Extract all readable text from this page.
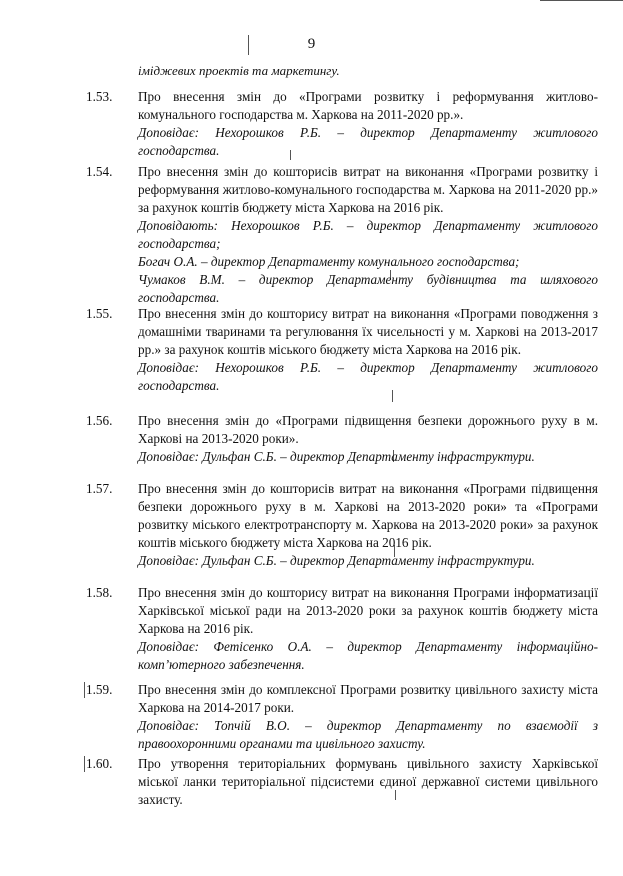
9
іміджевих проектів та маркетингу.
1.53.	Про внесення змін до «Програми розвитку і реформування житлово-комунального господарства м. Харкова на 2011-2020 рр.».
Доповідає: Нехорошков Р.Б. – директор Департаменту житлового господарства.
1.54.	Про внесення змін до кошторисів витрат на виконання «Програми розвитку і реформування житлово-комунального господарства м. Харкова на 2011-2020 рр.» за рахунок коштів бюджету міста Харкова на 2016 рік.
Доповідають: Нехорошков Р.Б. – директор Департаменту житлового господарства;
Богач О.А. – директор Департаменту комунального господарства;
Чумаков В.М. – директор Департаменту будівництва та шляхового господарства.
1.55.	Про внесення змін до кошторису витрат на виконання «Програми поводження з домашніми тваринами та регулювання їх чисельності у м. Харкові на 2013-2017 рр.» за рахунок коштів міського бюджету міста Харкова на 2016 рік.
Доповідає: Нехорошков Р.Б. – директор Департаменту житлового господарства.
1.56.	Про внесення змін до «Програми підвищення безпеки дорожнього руху в м. Харкові на 2013-2020 роки».
Доповідає: Дульфан С.Б. – директор Департаменту інфраструктури.
1.57.	Про внесення змін до кошторисів витрат на виконання «Програми підвищення безпеки дорожнього руху в м. Харкові на 2013-2020 роки» та «Програми розвитку міського електротранспорту м. Харкова на 2013-2020 роки» за рахунок коштів міського бюджету міста Харкова на 2016 рік.
Доповідає: Дульфан С.Б. – директор Департаменту інфраструктури.
1.58.	Про внесення змін до кошторису витрат на виконання Програми інформатизації Харківської міської ради на 2013-2020 роки за рахунок коштів бюджету міста Харкова на 2016 рік.
Доповідає: Фетісенко О.А. – директор Департаменту інформаційно-комп’ютерного забезпечення.
1.59.	Про внесення змін до комплексної Програми розвитку цивільного захисту міста Харкова на 2014-2017 роки.
Доповідає: Топчій В.О. – директор Департаменту по взаємодії з правоохоронними органами та цивільного захисту.
1.60.	Про утворення територіальних формувань цивільного захисту Харківської міської ланки територіальної підсистеми єдиної державної системи цивільного захисту.
